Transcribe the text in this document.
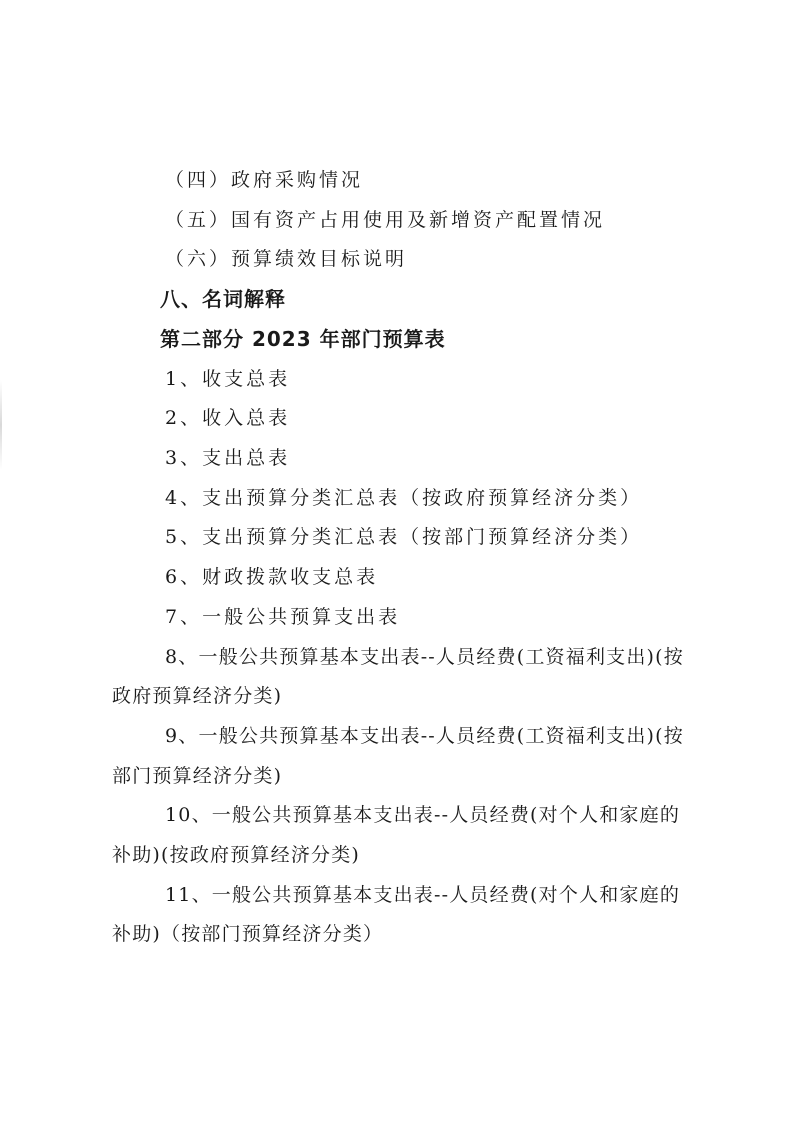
（四）政府采购情况
（五）国有资产占用使用及新增资产配置情况
（六）预算绩效目标说明
八、名词解释
第二部分 2023 年部门预算表
1、收支总表
2、收入总表
3、支出总表
4、支出预算分类汇总表（按政府预算经济分类）
5、支出预算分类汇总表（按部门预算经济分类）
6、财政拨款收支总表
7、一般公共预算支出表
8、一般公共预算基本支出表--人员经费(工资福利支出)(按
政府预算经济分类)
9、一般公共预算基本支出表--人员经费(工资福利支出)(按
部门预算经济分类)
10、一般公共预算基本支出表--人员经费(对个人和家庭的
补助)(按政府预算经济分类)
11、一般公共预算基本支出表--人员经费(对个人和家庭的
补助)（按部门预算经济分类）
